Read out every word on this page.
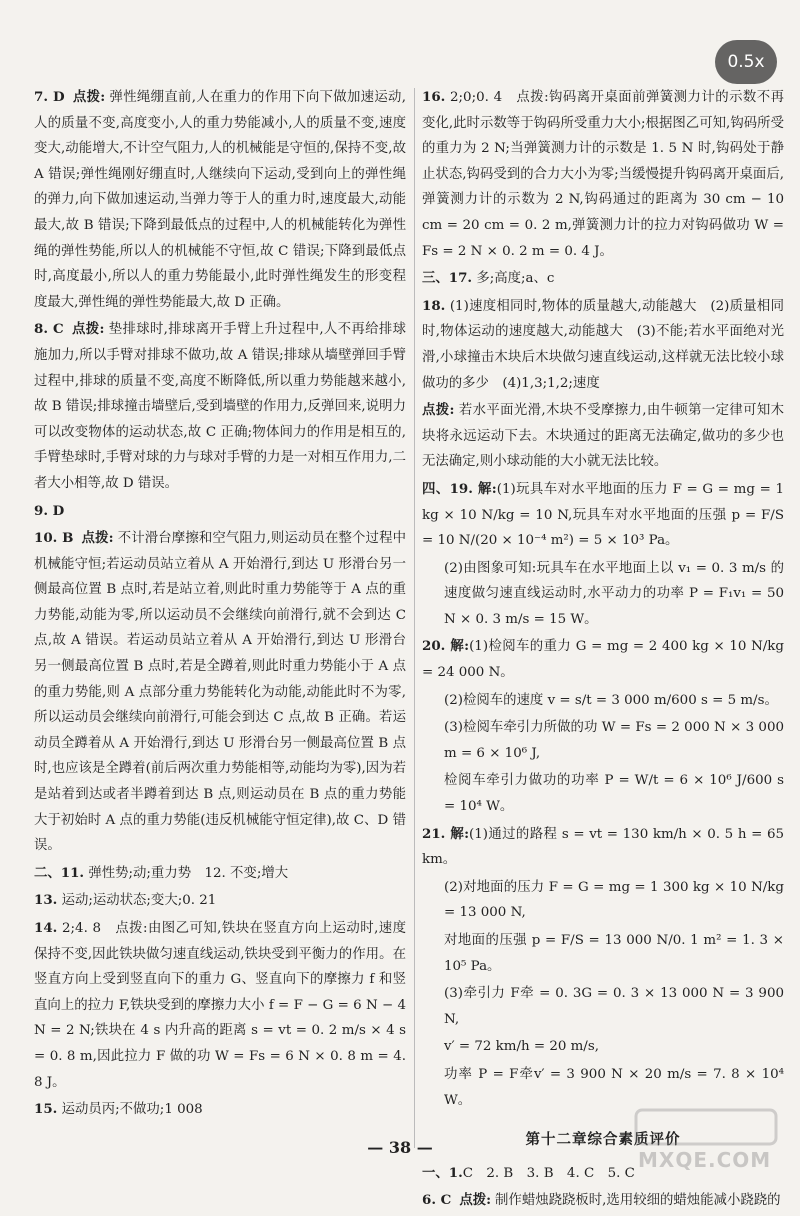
0.5x

7. D 点拨: 弹性绳绷直前,人在重力的作用下向下做加速运动,人的质量不变,高度变小,人的重力势能减小,人的质量不变,速度变大,动能增大,不计空气阻力,人的机械能是守恒的,保持不变,故 A 错误;弹性绳刚好绷直时,人继续向下运动,受到向上的弹性绳的弹力,向下做加速运动,当弹力等于人的重力时,速度最大,动能最大,故 B 错误;下降到最低点的过程中,人的机械能转化为弹性绳的弹性势能,所以人的机械能不守恒,故 C 错误;下降到最低点时,高度最小,所以人的重力势能最小,此时弹性绳发生的形变程度最大,弹性绳的弹性势能最大,故 D 正确。

8. C 点拨: 垫排球时,排球离开手臂上升过程中,人不再给排球施加力,所以手臂对排球不做功,故 A 错误;排球从墙壁弹回手臂过程中,排球的质量不变,高度不断降低,所以重力势能越来越小,故 B 错误;排球撞击墙壁后,受到墙壁的作用力,反弹回来,说明力可以改变物体的运动状态,故 C 正确;物体间力的作用是相互的,手臂垫球时,手臂对球的力与球对手臂的力是一对相互作用力,二者大小相等,故 D 错误。

9. D

10. B 点拨: 不计滑台摩擦和空气阻力,则运动员在整个过程中机械能守恒;若运动员站立着从 A 开始滑行,到达 U 形滑台另一侧最高位置 B 点时,若是站立着,则此时重力势能等于 A 点的重力势能,动能为零,所以运动员不会继续向前滑行,就不会到达 C 点,故 A 错误。若运动员站立着从 A 开始滑行,到达 U 形滑台另一侧最高位置 B 点时,若是全蹲着,则此时重力势能小于 A 点的重力势能,则 A 点部分重力势能转化为动能,动能此时不为零,所以运动员会继续向前滑行,可能会到达 C 点,故 B 正确。若运动员全蹲着从 A 开始滑行,到达 U 形滑台另一侧最高位置 B 点时,也应该是全蹲着(前后两次重力势能相等,动能均为零),因为若是站着到达或者半蹲着到达 B 点,则运动员在 B 点的重力势能大于初始时 A 点的重力势能(违反机械能守恒定律),故 C、D 错误。

二、11. 弹性势;动;重力势　12. 不变;增大

13. 运动;运动状态;变大;0. 21

14. 2;4. 8　点拨:由图乙可知,铁块在竖直方向上运动时,速度保持不变,因此铁块做匀速直线运动,铁块受到平衡力的作用。在竖直方向上受到竖直向下的重力 G、竖直向下的摩擦力 f 和竖直向上的拉力 F,铁块受到的摩擦力大小 f = F − G = 6 N − 4 N = 2 N;铁块在 4 s 内升高的距离 s = vt = 0. 2 m/s × 4 s = 0. 8 m,因此拉力 F 做的功 W = Fs = 6 N × 0. 8 m = 4. 8 J。

15. 运动员丙;不做功;1 008

16. 2;0;0. 4　点拨:钩码离开桌面前弹簧测力计的示数不再变化,此时示数等于钩码所受重力大小;根据图乙可知,钩码所受的重力为 2 N;当弹簧测力计的示数是 1. 5 N 时,钩码处于静止状态,钩码受到的合力大小为零;当缓慢提升钩码离开桌面后,弹簧测力计的示数为 2 N,钩码通过的距离为 30 cm − 10 cm = 20 cm = 0. 2 m,弹簧测力计的拉力对钩码做功 W = Fs = 2 N × 0. 2 m = 0. 4 J。

三、17. 多;高度;a、c

18. (1)速度相同时,物体的质量越大,动能越大　(2)质量相同时,物体运动的速度越大,动能越大　(3)不能;若水平面绝对光滑,小球撞击木块后木块做匀速直线运动,这样就无法比较小球做功的多少　(4)1,3;1,2;速度

点拨: 若水平面光滑,木块不受摩擦力,由牛顿第一定律可知木块将永远运动下去。木块通过的距离无法确定,做功的多少也无法确定,则小球动能的大小就无法比较。

四、19. 解:(1)玩具车对水平地面的压力 F = G = mg = 1 kg × 10 N/kg = 10 N,玩具车对水平地面的压强 p = F/S = 10 N/(20 × 10⁻⁴ m²) = 5 × 10³ Pa。

(2)由图象可知:玩具车在水平地面上以 v₁ = 0. 3 m/s 的速度做匀速直线运动时,水平动力的功率 P = F₁v₁ = 50 N × 0. 3 m/s = 15 W。

20. 解:(1)检阅车的重力 G = mg = 2 400 kg × 10 N/kg = 24 000 N。

(2)检阅车的速度 v = s/t = 3 000 m/600 s = 5 m/s。

(3)检阅车牵引力所做的功 W = Fs = 2 000 N × 3 000 m = 6 × 10⁶ J,

检阅车牵引力做功的功率 P = W/t = 6 × 10⁶ J/600 s = 10⁴ W。

21. 解:(1)通过的路程 s = vt = 130 km/h × 0. 5 h = 65 km。

(2)对地面的压力 F = G = mg = 1 300 kg × 10 N/kg = 13 000 N,

对地面的压强 p = F/S = 13 000 N/0. 1 m² = 1. 3 × 10⁵ Pa。

(3)牵引力 F牵 = 0. 3G = 0. 3 × 13 000 N = 3 900 N,

v′ = 72 km/h = 20 m/s,

功率 P = F牵v′ = 3 900 N × 20 m/s = 7. 8 × 10⁴ W。

第十二章综合素质评价

一、1.C　2. B　3. B　4. C　5. C

6. C 点拨: 制作蜡烛跷跷板时,选用较细的蜡烛能减小跷跷的

— 38 —
MXQE.COM
